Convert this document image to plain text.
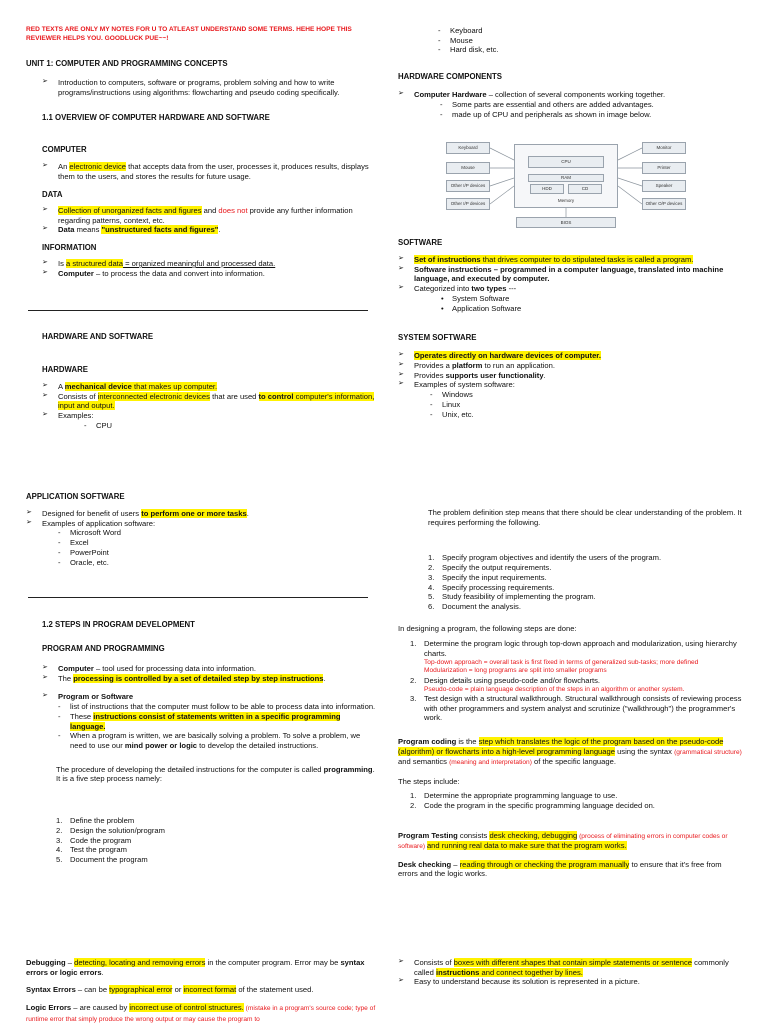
RED TEXTS ARE ONLY MY NOTES FOR U TO ATLEAST UNDERSTAND SOME TERMS. HEHE HOPE THIS REVIEWER HELPS YOU. GOODLUCK PUE~~!
UNIT 1: COMPUTER AND PROGRAMMING CONCEPTS
➢ Introduction to computers, software or programs, problem solving and how to write programs/instructions using algorithms: flowcharting and pseudo coding specifically.
1.1 OVERVIEW OF COMPUTER HARDWARE AND SOFTWARE
COMPUTER
➢ An electronic device that accepts data from the user, processes it, produces results, displays them to the users, and stores the results for future usage.
DATA
➢ Collection of unorganized facts and figures and does not provide any further information regarding patterns, context, etc.
➢ Data means "unstructured facts and figures".
INFORMATION
➢ Is a structured data = organized meaningful and processed data.
➢ Computer – to process the data and convert into information.
HARDWARE AND SOFTWARE
HARDWARE
➢ A mechanical device that makes up computer.
➢ Consists of interconnected electronic devices that are used to control computer's information, input and output.
➢ Examples:
- CPU
- Keyboard
- Mouse
- Hard disk, etc.
HARDWARE COMPONENTS
➢ Computer Hardware – collection of several components working together.
- Some parts are essential and others are added advantages.
- made up of CPU and peripherals as shown in image below.
Keyboard
Mouse
Other I/P devices
Other I/P devices
CPU
RAM
HDD	CD
Memory
Monitor
Printer
Speaker
Other O/P devices
BIOS
SOFTWARE
➢ Set of instructions that drives computer to do stipulated tasks is called a program.
➢ Software instructions – programmed in a computer language, translated into machine language, and executed by computer.
➢ Categorized into two types ---
• System Software
• Application Software
SYSTEM SOFTWARE
➢ Operates directly on hardware devices of computer.
➢ Provides a platform to run an application.
➢ Provides supports user functionality.
➢ Examples of system software:
- Windows
- Linux
- Unix, etc.
APPLICATION SOFTWARE
➢ Designed for benefit of users to perform one or more tasks.
➢ Examples of application software:
- Microsoft Word
- Excel
- PowerPoint
- Oracle, etc.
1.2 STEPS IN PROGRAM DEVELOPMENT
PROGRAM AND PROGRAMMING
➢ Computer – tool used for processing data into information.
➢ The processing is controlled by a set of detailed step by step instructions.
➢ Program or Software
- list of instructions that the computer must follow to be able to process data into information.
- These instructions consist of statements written in a specific programming language.
- When a program is written, we are basically solving a problem. To solve a problem, we need to use our mind power or logic to develop the detailed instructions.
The procedure of developing the detailed instructions for the computer is called programming. It is a five step process namely:
1. Define the problem
2. Design the solution/program
3. Code the program
4. Test the program
5. Document the program
The problem definition step means that there should be clear understanding of the problem. It requires performing the following.
1. Specify program objectives and identify the users of the program.
2. Specify the output requirements.
3. Specify the input requirements.
4. Specify processing requirements.
5. Study feasibility of implementing the program.
6. Document the analysis.
In designing a program, the following steps are done:
1. Determine the program logic through top-down approach and modularization, using hierarchy charts.
Top-down approach = overall task is first fixed in terms of generalized sub-tasks; more defined
Modularization = long programs are split into smaller programs
2. Design details using pseudo-code and/or flowcharts.
Pseudo-code = plain language description of the steps in an algorithm or another system.
3. Test design with a structural walkthrough. Structural walkthrough consists of reviewing process with other programmers and system analyst and scrutinize ("walkthrough") the programmer's work.
Program coding is the step which translates the logic of the program based on the pseudo-code (algorithm) or flowcharts into a high-level programming language using the syntax (grammatical structure) and semantics (meaning and interpretation) of the specific language.
The steps include:
1. Determine the appropriate programming language to use.
2. Code the program in the specific programming language decided on.
Program Testing consists desk checking, debugging (process of eliminating errors in computer codes or software) and running real data to make sure that the program works.
Desk checking – reading through or checking the program manually to ensure that it's free from errors and the logic works.
Debugging – detecting, locating and removing errors in the computer program. Error may be syntax errors or logic errors.
Syntax Errors – can be typographical error or incorrect format of the statement used.
Logic Errors – are caused by incorrect use of control structures. (mistake in a program's source code; type of runtime error that simply produce the wrong output or may cause the program to
➢ Consists of boxes with different shapes that contain simple statements or sentence commonly called instructions and connect together by lines.
➢ Easy to understand because its solution is represented in a picture.
